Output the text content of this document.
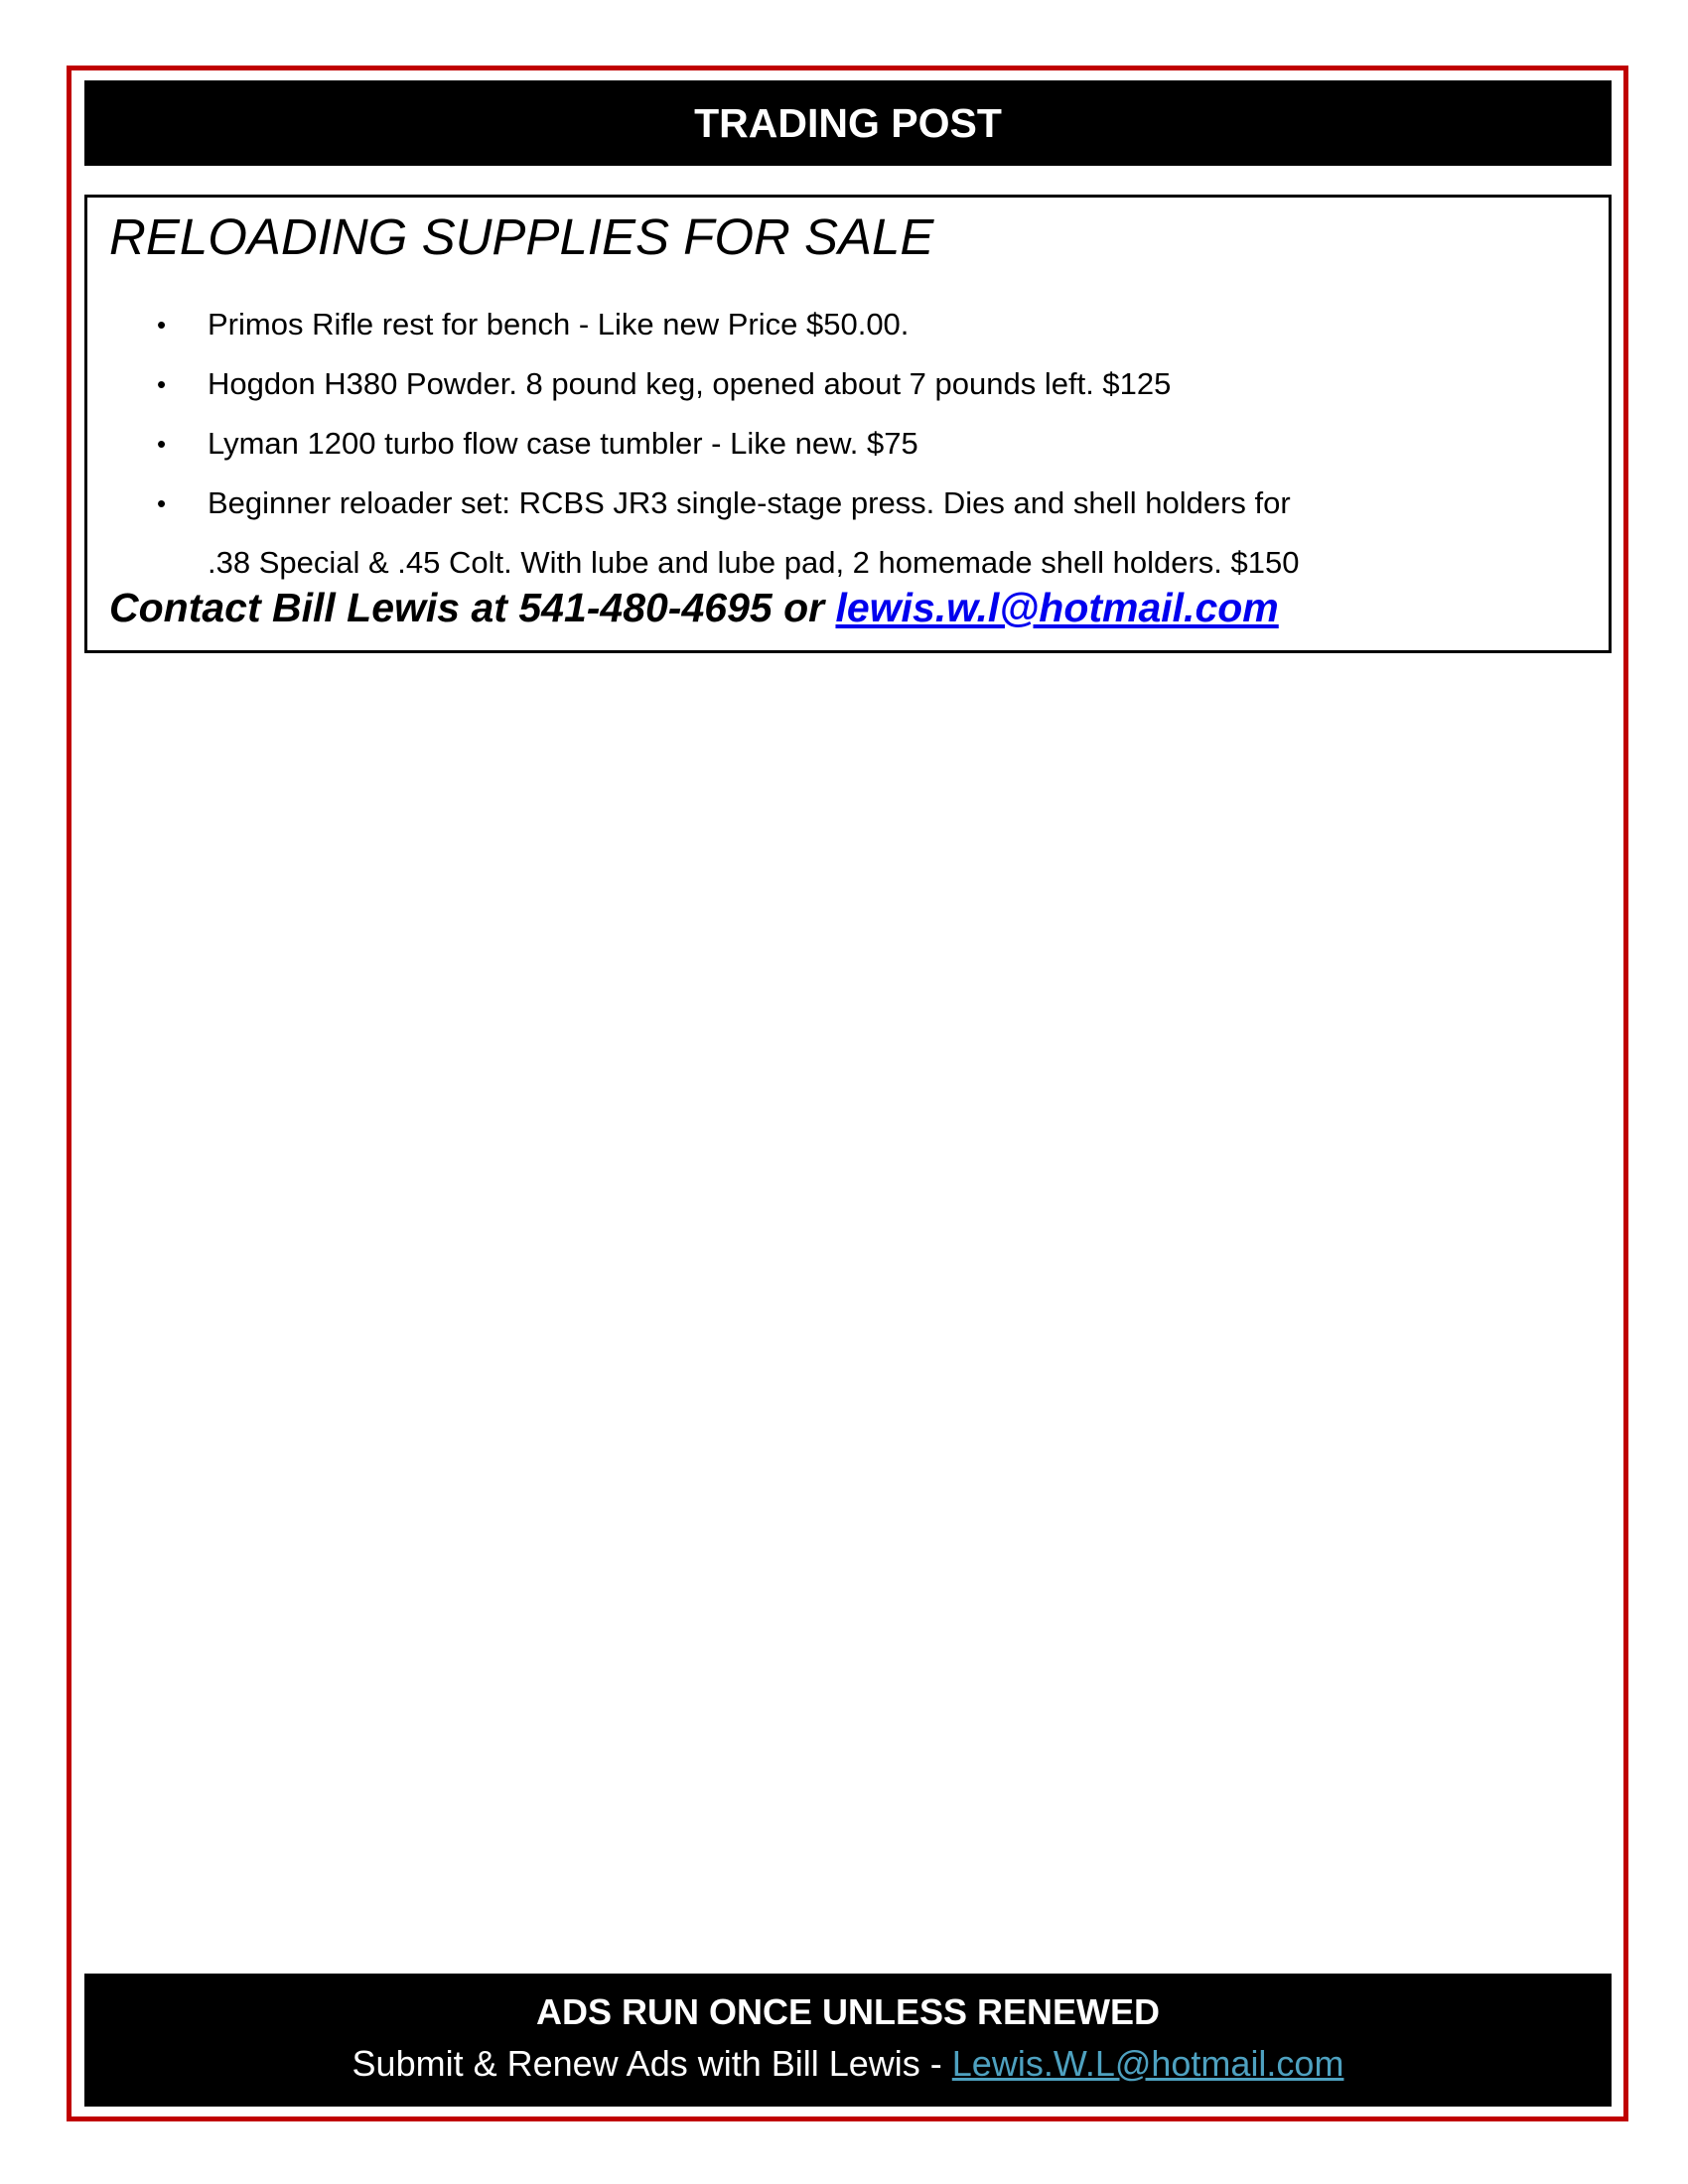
TRADING POST
RELOADING SUPPLIES FOR SALE
• Primos Rifle rest for bench - Like new Price $50.00.
• Hogdon H380 Powder. 8 pound keg, opened about 7 pounds left. $125
• Lyman 1200 turbo flow case tumbler - Like new. $75
• Beginner reloader set: RCBS JR3 single-stage press. Dies and shell holders for
.38 Special & .45 Colt. With lube and lube pad, 2 homemade shell holders. $150
Contact Bill Lewis at 541-480-4695 or lewis.w.l@hotmail.com
ADS RUN ONCE UNLESS RENEWED
Submit & Renew Ads with Bill Lewis - Lewis.W.L@hotmail.com
